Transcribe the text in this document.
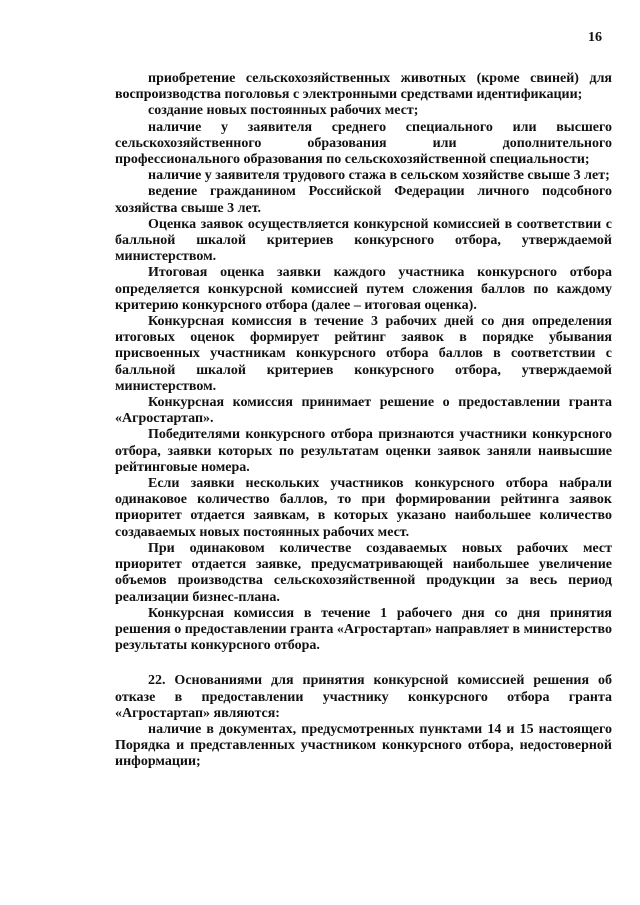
16

приобретение сельскохозяйственных животных (кроме свиней) для воспроизводства поголовья с электронными средствами идентификации;

создание новых постоянных рабочих мест;

наличие у заявителя среднего специального или высшего сельскохозяйственного образования или дополнительного профессионального образования по сельскохозяйственной специальности;

наличие у заявителя трудового стажа в сельском хозяйстве свыше 3 лет;

ведение гражданином Российской Федерации личного подсобного хозяйства свыше 3 лет.

Оценка заявок осуществляется конкурсной комиссией в соответствии с балльной шкалой критериев конкурсного отбора, утверждаемой министерством.

Итоговая оценка заявки каждого участника конкурсного отбора определяется конкурсной комиссией путем сложения баллов по каждому критерию конкурсного отбора (далее – итоговая оценка).

Конкурсная комиссия в течение 3 рабочих дней со дня определения итоговых оценок формирует рейтинг заявок в порядке убывания присвоенных участникам конкурсного отбора баллов в соответствии с балльной шкалой критериев конкурсного отбора, утверждаемой министерством.

Конкурсная комиссия принимает решение о предоставлении гранта «Агростартап».

Победителями конкурсного отбора признаются участники конкурсного отбора, заявки которых по результатам оценки заявок заняли наивысшие рейтинговые номера.

Если заявки нескольких участников конкурсного отбора набрали одинаковое количество баллов, то при формировании рейтинга заявок приоритет отдается заявкам, в которых указано наибольшее количество создаваемых новых постоянных рабочих мест.

При одинаковом количестве создаваемых новых рабочих мест приоритет отдается заявке, предусматривающей наибольшее увеличение объемов производства сельскохозяйственной продукции за весь период реализации бизнес-плана.

Конкурсная комиссия в течение 1 рабочего дня со дня принятия решения о предоставлении гранта «Агростартап» направляет в министерство результаты конкурсного отбора.

22. Основаниями для принятия конкурсной комиссией решения об отказе в предоставлении участнику конкурсного отбора гранта «Агростартап» являются:

наличие в документах, предусмотренных пунктами 14 и 15 настоящего Порядка и представленных участником конкурсного отбора, недостоверной информации;
